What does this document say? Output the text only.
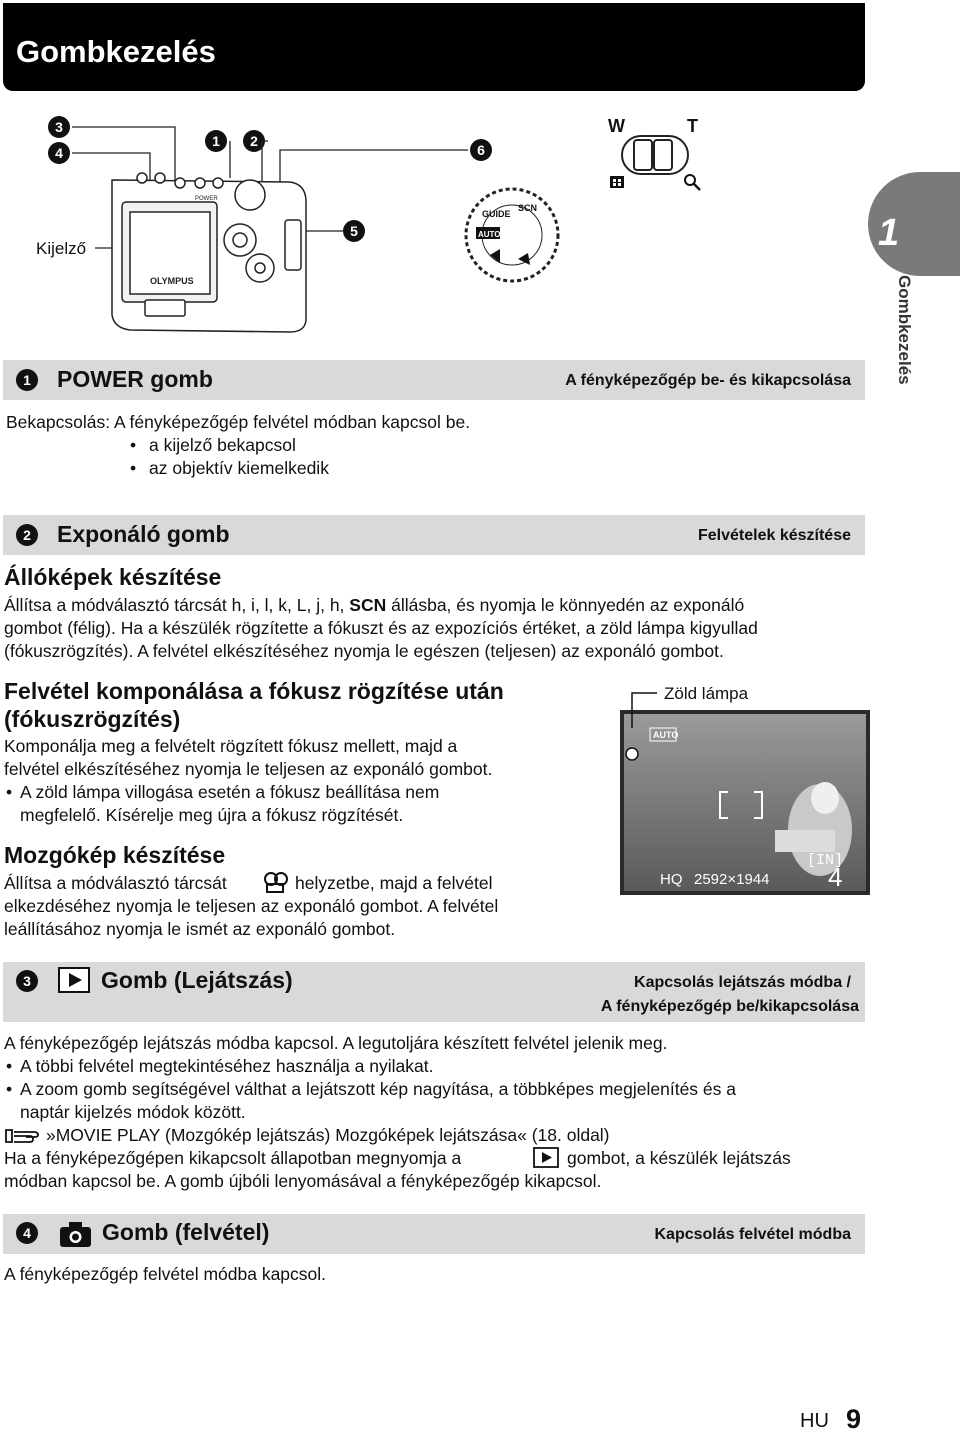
Gombkezelés
1
Gombkezelés
3
4
1	2
6
5
Kijelző
OLYMPUS
POWER
AUTO
GUIDE
SCN
W	T
1	POWER gomb	A fényképezőgép be- és kikapcsolása
Bekapcsolás: A fényképezőgép felvétel módban kapcsol be.
• a kijelző bekapcsol
• az objektív kiemelkedik
2	Exponáló gomb	Felvételek készítése
Állóképek készítése
Állítsa a módválasztó tárcsát h, i, l, k, L, j, h, SCN állásba, és nyomja le könnyedén az exponáló
gombot (félig). Ha a készülék rögzítette a fókuszt és az expozíciós értéket, a zöld lámpa kigyullad
(fókuszrögzítés). A felvétel elkészítéséhez nyomja le egészen (teljesen) az exponáló gombot.
Felvétel komponálása a fókusz rögzítése után
(fókuszrögzítés)
Komponálja meg a felvételt rögzített fókusz mellett, majd a
felvétel elkészítéséhez nyomja le teljesen az exponáló gombot.
• A zöld lámpa villogása esetén a fókusz beállítása nem
megfelelő. Kísérelje meg újra a fókusz rögzítését.
Zöld lámpa
AUTO
[IN]
HQ 2592×1944 4
Mozgókép készítése
Állítsa a módválasztó tárcsát	helyzetbe, majd a felvétel
elkezdéséhez nyomja le teljesen az exponáló gombot. A felvétel
leállításához nyomja le ismét az exponáló gombot.
3	Gomb (Lejátszás)	Kapcsolás lejátszás módba /
A fényképezőgép be/kikapcsolása
A fényképezőgép lejátszás módba kapcsol. A legutoljára készített felvétel jelenik meg.
• A többi felvétel megtekintéséhez használja a nyilakat.
• A zoom gomb segítségével válthat a lejátszott kép nagyítása, a többképes megjelenítés és a
naptár kijelzés módok között.
»MOVIE PLAY (Mozgókép lejátszás) Mozgóképek lejátszása« (18. oldal)
Ha a fényképezőgépen kikapcsolt állapotban megnyomja a	gombot, a készülék lejátszás
módban kapcsol be. A gomb újbóli lenyomásával a fényképezőgép kikapcsol.
4	Gomb (felvétel)	Kapcsolás felvétel módba
A fényképezőgép felvétel módba kapcsol.
HU 9
